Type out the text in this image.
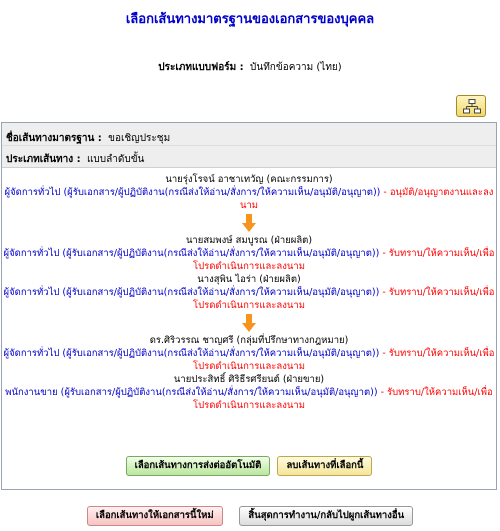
เลือกเส้นทางมาตรฐานของเอกสารของบุคคล
ประเภทแบบฟอร์ม : บันทึกข้อความ (ไทย)
ชื่อเส้นทางมาตรฐาน : ขอเชิญประชุม
ประเภทเส้นทาง : แบบลำดับขั้น
นายรุ่งโรจน์ อาชาเทวัญ (คณะกรรมการ)
ผู้จัดการทั่วไป (ผู้รับเอกสาร/ผู้ปฏิบัติงาน(กรณีส่งให้อ่าน/สั่งการ/ให้ความเห็น/อนุมัติ/อนุญาต)) - อนุมัติ/อนุญาตงานและลงนาม
นายสมพงษ์ สมบูรณ (ฝ่ายผลิต)
ผู้จัดการทั่วไป (ผู้รับเอกสาร/ผู้ปฏิบัติงาน(กรณีส่งให้อ่าน/สั่งการ/ให้ความเห็น/อนุมัติ/อนุญาต)) - รับทราบ/ให้ความเห็น/เพื่อโปรดดำเนินการและลงนาม
นางสุพิน ไอร่า (ฝ่ายผลิต)
ผู้จัดการทั่วไป (ผู้รับเอกสาร/ผู้ปฏิบัติงาน(กรณีส่งให้อ่าน/สั่งการ/ให้ความเห็น/อนุมัติ/อนุญาต)) - รับทราบ/ให้ความเห็น/เพื่อโปรดดำเนินการและลงนาม
ดร.ศิริวรรณ ชาญศรี (กลุ่มที่ปรึกษาทางกฎหมาย)
ผู้จัดการทั่วไป (ผู้รับเอกสาร/ผู้ปฏิบัติงาน(กรณีส่งให้อ่าน/สั่งการ/ให้ความเห็น/อนุมัติ/อนุญาต)) - รับทราบ/ให้ความเห็น/เพื่อโปรดดำเนินการและลงนาม
นายประสิทธิ์ ศิริธีรศรียนต์ (ฝ่ายขาย)
พนักงานขาย (ผู้รับเอกสาร/ผู้ปฏิบัติงาน(กรณีส่งให้อ่าน/สั่งการ/ให้ความเห็น/อนุมัติ/อนุญาต)) - รับทราบ/ให้ความเห็น/เพื่อโปรดดำเนินการและลงนาม
เลือกเส้นทางการส่งต่ออัตโนมัติ	ลบเส้นทางที่เลือกนี้
เลือกเส้นทางให้เอกสารนี้ใหม่	สิ้นสุดการทำงาน/กลับไปผูกเส้นทางอื่น
